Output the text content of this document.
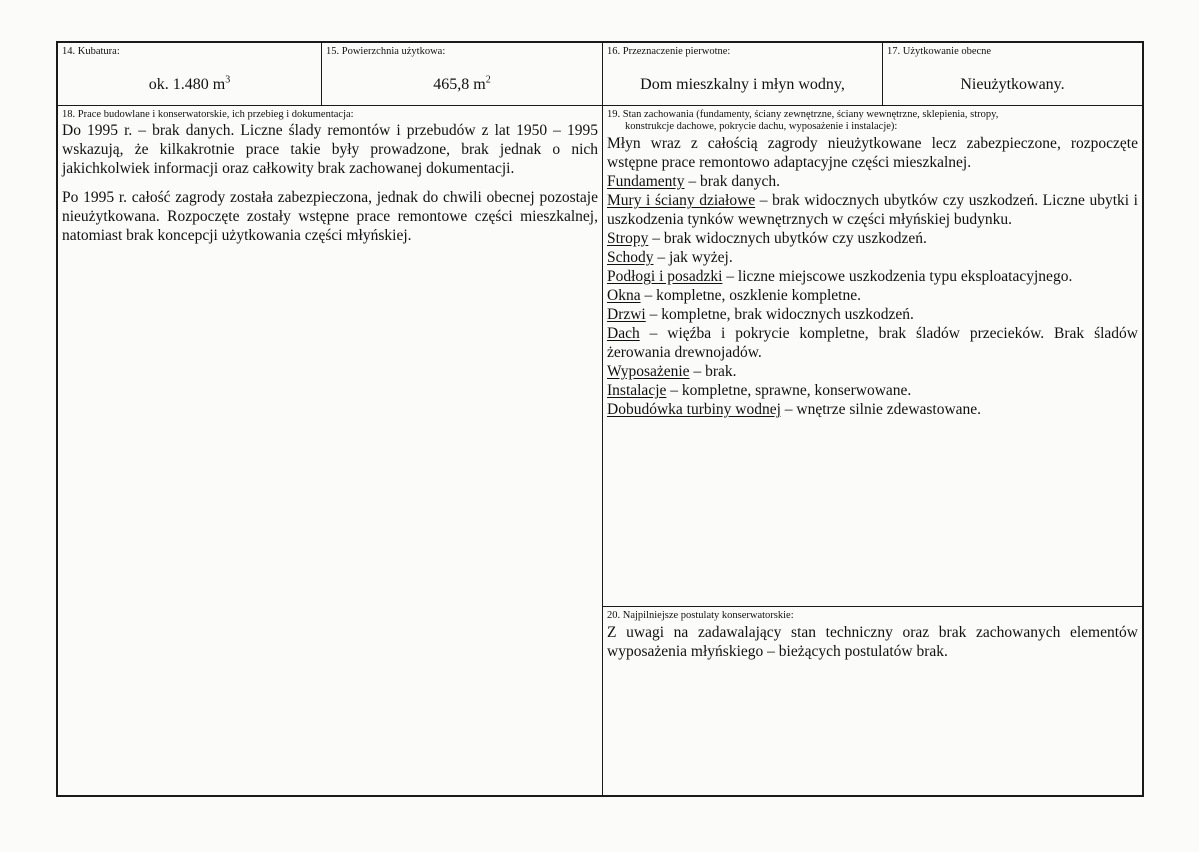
14. Kubatura:

ok. 1.480 $m^3$

15. Powierzchnia użytkowa:

465,8 $m^2$

16. Przeznaczenie pierwotne:

Dom mieszkalny i młyn wodny,

17. Użytkowanie obecne

Nieużytkowany.

18. Prace budowlane i konserwatorskie, ich przebieg i dokumentacja:

Do 1995 r. – brak danych. Liczne ślady remontów i przebudów z lat 1950 – 1995 wskazują, że kilkakrotnie prace takie były prowadzone, brak jednak o nich jakichkolwiek informacji oraz całkowity brak zachowanej dokumentacji.

Po 1995 r. całość zagrody została zabezpieczona, jednak do chwili obecnej pozostaje nieużytkowana. Rozpoczęte zostały wstępne prace remontowe części mieszkalnej, natomiast brak koncepcji użytkowania części młyńskiej.

19. Stan zachowania (fundamenty, ściany zewnętrzne, ściany wewnętrzne, sklepienia, stropy,
konstrukcje dachowe, pokrycie dachu, wyposażenie i instalacje):

Młyn wraz z całością zagrody nieużytkowane lecz zabezpieczone, rozpoczęte wstępne prace remontowo adaptacyjne części mieszkalnej.

Fundamenty – brak danych.

Mury i ściany działowe – brak widocznych ubytków czy uszkodzeń. Liczne ubytki i uszkodzenia tynków wewnętrznych w części młyńskiej budynku.

Stropy – brak widocznych ubytków czy uszkodzeń.

Schody – jak wyżej.

Podłogi i posadzki – liczne miejscowe uszkodzenia typu eksploatacyjnego.

Okna – kompletne, oszklenie kompletne.

Drzwi – kompletne, brak widocznych uszkodzeń.

Dach – więźba i pokrycie kompletne, brak śladów przecieków. Brak śladów żerowania drewnojadów.

Wyposażenie – brak.

Instalacje – kompletne, sprawne, konserwowane.

Dobudówka turbiny wodnej – wnętrze silnie zdewastowane.

20. Najpilniejsze postulaty konserwatorskie:

Z uwagi na zadawalający stan techniczny oraz brak zachowanych elementów wyposażenia młyńskiego – bieżących postulatów brak.
